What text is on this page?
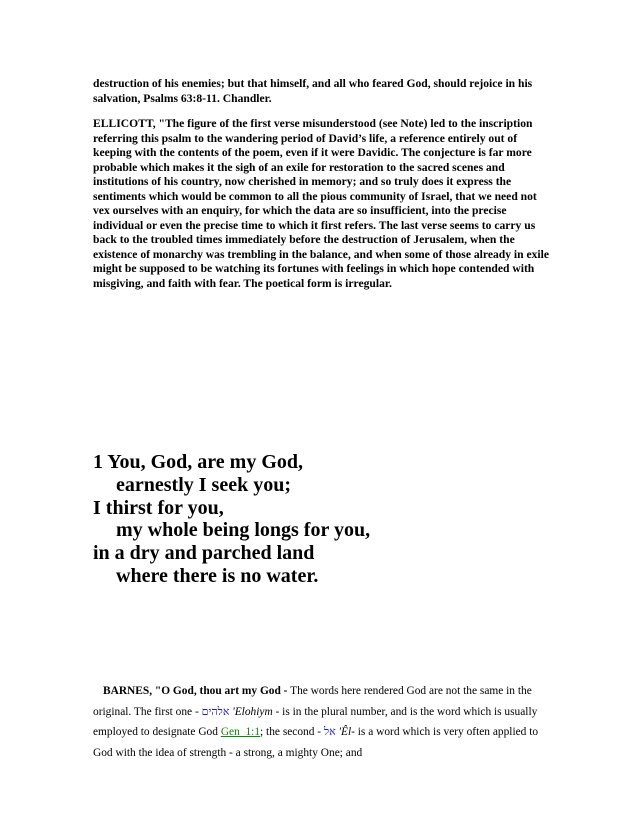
destruction of his enemies; but that himself, and all who feared God, should rejoice in his salvation, Psalms 63:8-11. Chandler.

ELLICOTT, "The figure of the first verse misunderstood (see Note) led to the inscription referring this psalm to the wandering period of David’s life, a reference entirely out of keeping with the contents of the poem, even if it were Davidic. The conjecture is far more probable which makes it the sigh of an exile for restoration to the sacred scenes and institutions of his country, now cherished in memory; and so truly does it express the sentiments which would be common to all the pious community of Israel, that we need not vex ourselves with an enquiry, for which the data are so insufficient, into the precise individual or even the precise time to which it first refers. The last verse seems to carry us back to the troubled times immediately before the destruction of Jerusalem, when the existence of monarchy was trembling in the balance, and when some of those already in exile might be supposed to be watching its fortunes with feelings in which hope contended with misgiving, and faith with fear. The poetical form is irregular.

1 You, God, are my God,
earnestly I seek you;
I thirst for you,
my whole being longs for you,
in a dry and parched land
where there is no water.

BARNES, "O God, thou art my God - The words here rendered God are not the same in the original. The first one - אלהים 'Elohiym - is in the plural number, and is the word which is usually employed to designate God Gen_1:1; the second - אל 'Êl- is a word which is very often applied to God with the idea of strength - a strong, a mighty One; and
